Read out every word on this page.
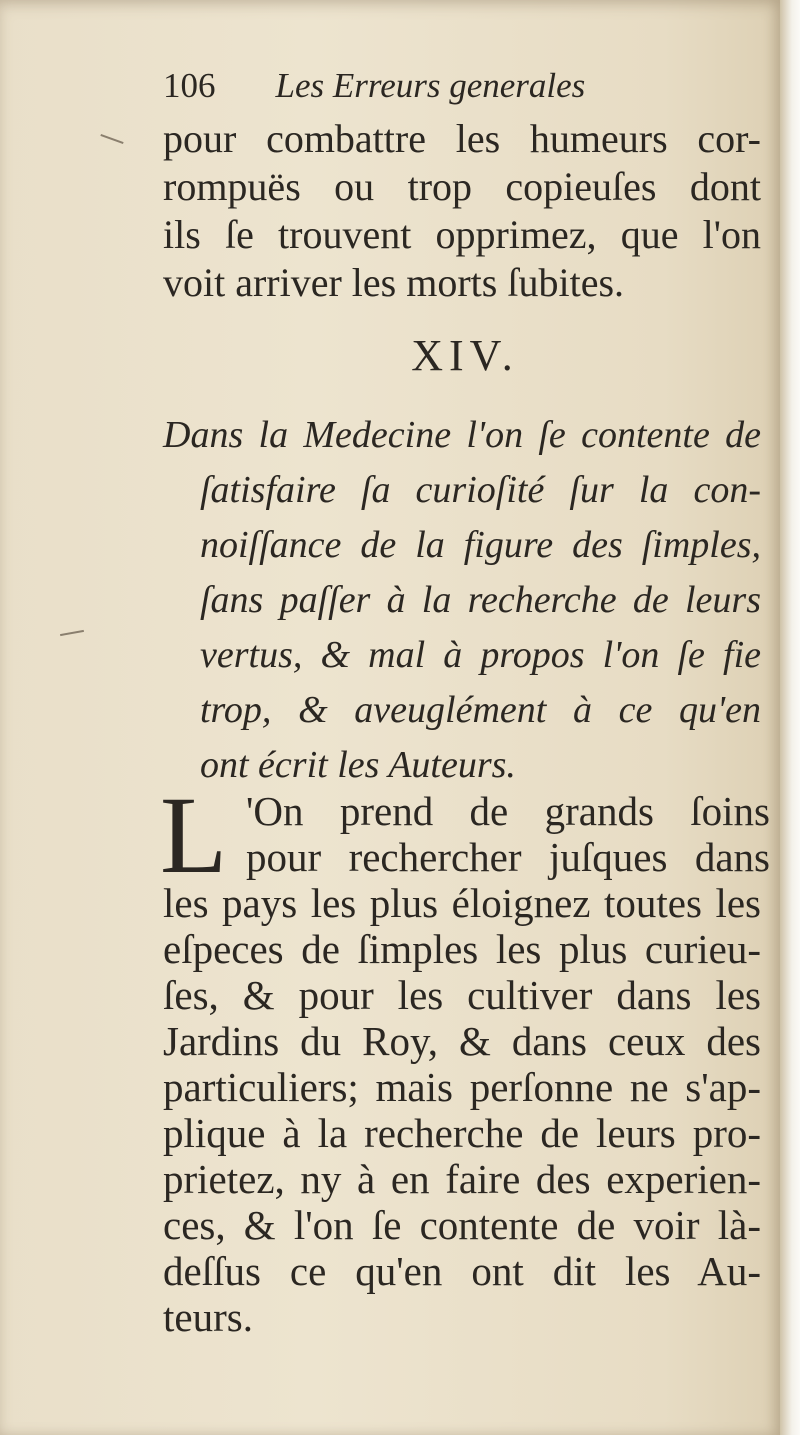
106 Les Erreurs generales
pour combattre les humeurs cor-
rompuës ou trop copieuſes dont
ils ſe trouvent opprimez, que l'on
voit arriver les morts ſubites.
XIV.
Dans la Medecine l'on ſe contente de
ſatisfaire ſa curioſité ſur la con-
noiſſance de la figure des ſimples,
ſans paſſer à la recherche de leurs
vertus, & mal à propos l'on ſe fie
trop, & aveuglément à ce qu'en
ont écrit les Auteurs.
L 'On prend de grands ſoins
pour rechercher juſques dans
les pays les plus éloignez toutes les
eſpeces de ſimples les plus curieu-
ſes, & pour les cultiver dans les
Jardins du Roy, & dans ceux des
particuliers; mais perſonne ne s'ap-
plique à la recherche de leurs pro-
prietez, ny à en faire des experien-
ces, & l'on ſe contente de voir là-
deſſus ce qu'en ont dit les Au-
teurs.
